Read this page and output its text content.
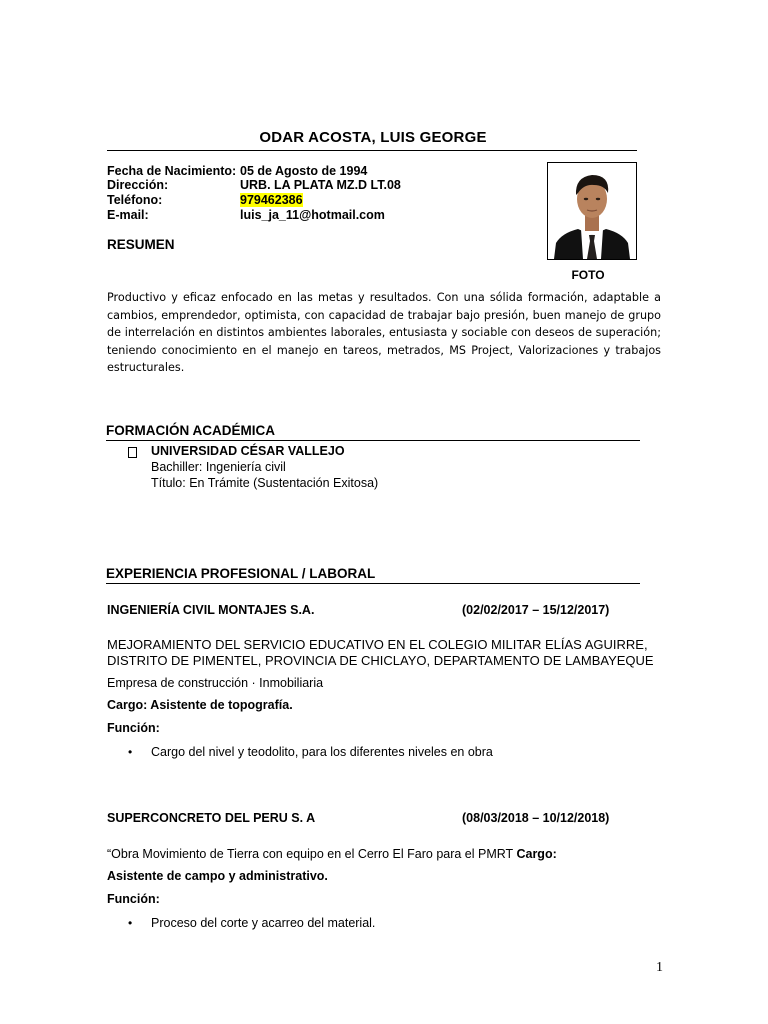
ODAR ACOSTA, LUIS GEORGE
Fecha de Nacimiento: 05 de Agosto de 1994
Dirección:	URB. LA PLATA MZ.D LT.08
Teléfono:	979462386
E-mail:	luis_ja_11@hotmail.com
FOTO
RESUMEN
Productivo y eficaz enfocado en las metas y resultados. Con una sólida formación, adaptable a cambios, emprendedor, optimista, con capacidad de trabajar bajo presión, buen manejo de grupo de interrelación en distintos ambientes laborales, entusiasta y sociable con deseos de superación; teniendo conocimiento en el manejo en tareos, metrados, MS Project, Valorizaciones y trabajos estructurales.
FORMACIÓN ACADÉMICA
UNIVERSIDAD CÉSAR VALLEJO
Bachiller: Ingeniería civil
Título: En Trámite (Sustentación Exitosa)
EXPERIENCIA PROFESIONAL / LABORAL
INGENIERÍA CIVIL MONTAJES S.A.	(02/02/2017 – 15/12/2017)
MEJORAMIENTO DEL SERVICIO EDUCATIVO EN EL COLEGIO MILITAR ELÍAS AGUIRRE,
DISTRITO DE PIMENTEL, PROVINCIA DE CHICLAYO, DEPARTAMENTO DE LAMBAYEQUE
Empresa de construcción · Inmobiliaria
Cargo: Asistente de topografía.
Función:
• Cargo del nivel y teodolito, para los diferentes niveles en obra
SUPERCONCRETO DEL PERU S. A	(08/03/2018 – 10/12/2018)
“Obra Movimiento de Tierra con equipo en el Cerro El Faro para el PMRT Cargo:
Asistente de campo y administrativo.
Función:
• Proceso del corte y acarreo del material.
1
